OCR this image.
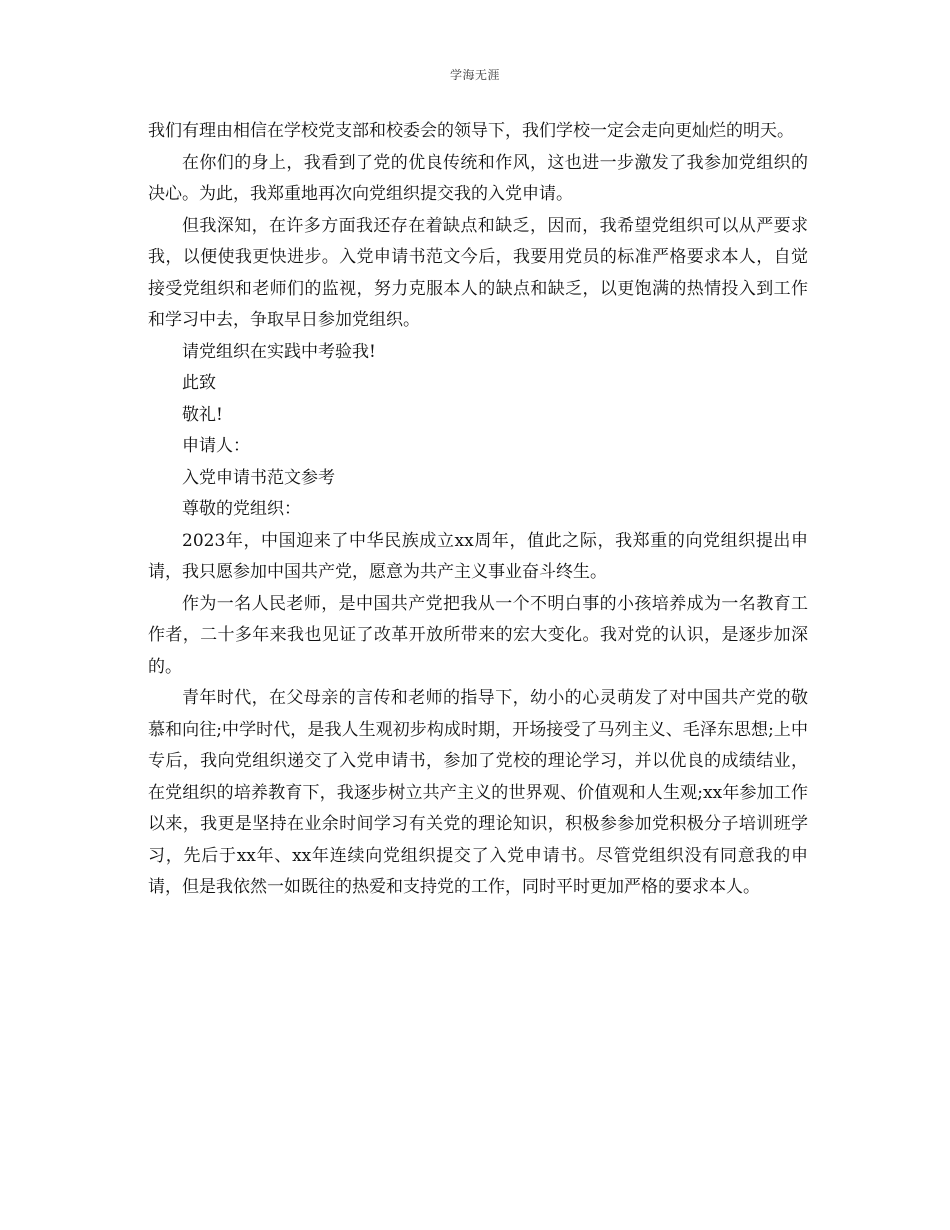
学海无涯

我们有理由相信在学校党支部和校委会的领导下，我们学校一定会走向更灿烂的明天。

在你们的身上，我看到了党的优良传统和作风，这也进一步激发了我参加党组织的决心。为此，我郑重地再次向党组织提交我的入党申请。

但我深知，在许多方面我还存在着缺点和缺乏，因而，我希望党组织可以从严要求我，以便使我更快进步。入党申请书范文今后，我要用党员的标准严格要求本人，自觉接受党组织和老师们的监视，努力克服本人的缺点和缺乏，以更饱满的热情投入到工作和学习中去，争取早日参加党组织。

请党组织在实践中考验我!

此致

敬礼!

申请人：

入党申请书范文参考

尊敬的党组织：

2023年，中国迎来了中华民族成立xx周年，值此之际，我郑重的向党组织提出申请，我只愿参加中国共产党，愿意为共产主义事业奋斗终生。

作为一名人民老师，是中国共产党把我从一个不明白事的小孩培养成为一名教育工作者，二十多年来我也见证了改革开放所带来的宏大变化。我对党的认识，是逐步加深的。

青年时代，在父母亲的言传和老师的指导下，幼小的心灵萌发了对中国共产党的敬慕和向往;中学时代，是我人生观初步构成时期，开场接受了马列主义、毛泽东思想;上中专后，我向党组织递交了入党申请书，参加了党校的理论学习，并以优良的成绩结业，在党组织的培养教育下，我逐步树立共产主义的世界观、价值观和人生观;xx年参加工作以来，我更是坚持在业余时间学习有关党的理论知识，积极参参加党积极分子培训班学习，先后于xx年、xx年连续向党组织提交了入党申请书。尽管党组织没有同意我的申请，但是我依然一如既往的热爱和支持党的工作，同时平时更加严格的要求本人。
